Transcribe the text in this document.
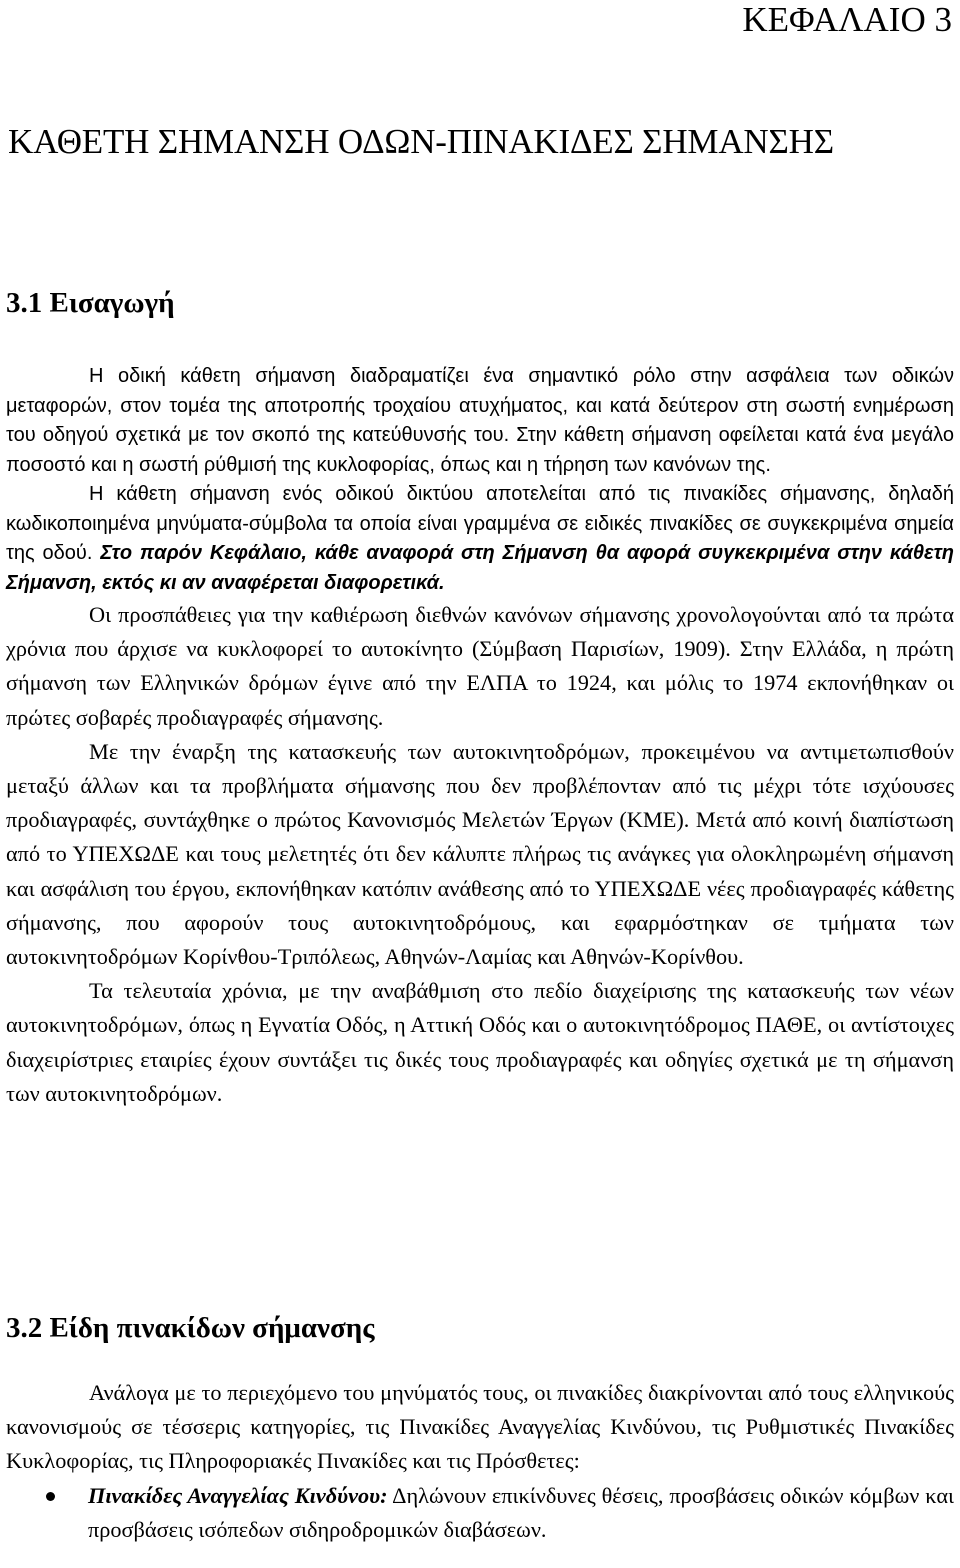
ΚΕΦΑΛΑΙΟ 3
ΚΑΘΕΤΗ ΣΗΜΑΝΣΗ ΟΔΩΝ-ΠΙΝΑΚΙΔΕΣ ΣΗΜΑΝΣΗΣ
3.1 Εισαγωγή

Η οδική κάθετη σήμανση διαδραματίζει ένα σημαντικό ρόλο στην ασφάλεια των οδικών μεταφορών, στον τομέα της αποτροπής τροχαίου ατυχήματος, και κατά δεύτερον στη σωστή ενημέρωση του οδηγού σχετικά με τον σκοπό της κατεύθυνσής του. Στην κάθετη σήμανση οφείλεται κατά ένα μεγάλο ποσοστό και η σωστή ρύθμισή της κυκλοφορίας, όπως και η τήρηση των κανόνων της.

Η κάθετη σήμανση ενός οδικού δικτύου αποτελείται από τις πινακίδες σήμανσης, δηλαδή κωδικοποιημένα μηνύματα-σύμβολα τα οποία είναι γραμμένα σε ειδικές πινακίδες σε συγκεκριμένα σημεία της οδού. Στο παρόν Κεφάλαιο, κάθε αναφορά στη Σήμανση θα αφορά συγκεκριμένα στην κάθετη Σήμανση, εκτός κι αν αναφέρεται διαφορετικά.

Οι προσπάθειες για την καθιέρωση διεθνών κανόνων σήμανσης χρονολογούνται από τα πρώτα χρόνια που άρχισε να κυκλοφορεί το αυτοκίνητο (Σύμβαση Παρισίων, 1909). Στην Ελλάδα, η πρώτη σήμανση των Ελληνικών δρόμων έγινε από την ΕΛΠΑ το 1924, και μόλις το 1974 εκπονήθηκαν οι πρώτες σοβαρές προδιαγραφές σήμανσης.

Με την έναρξη της κατασκευής των αυτοκινητοδρόμων, προκειμένου να αντιμετωπισθούν μεταξύ άλλων και τα προβλήματα σήμανσης που δεν προβλέπονταν από τις μέχρι τότε ισχύουσες προδιαγραφές, συντάχθηκε ο πρώτος Κανονισμός Μελετών Έργων (ΚΜΕ). Μετά από κοινή διαπίστωση από το ΥΠΕΧΩΔΕ και τους μελετητές ότι δεν κάλυπτε πλήρως τις ανάγκες για ολοκληρωμένη σήμανση και ασφάλιση του έργου, εκπονήθηκαν κατόπιν ανάθεσης από το ΥΠΕΧΩΔΕ νέες προδιαγραφές κάθετης σήμανσης, που αφορούν τους αυτοκινητοδρόμους, και εφαρμόστηκαν σε τμήματα των αυτοκινητοδρόμων Κορίνθου-Τριπόλεως, Αθηνών-Λαμίας και Αθηνών-Κορίνθου.

Τα τελευταία χρόνια, με την αναβάθμιση στο πεδίο διαχείρισης της κατασκευής των νέων αυτοκινητοδρόμων, όπως η Εγνατία Οδός, η Αττική Οδός και ο αυτοκινητόδρομος ΠΑΘΕ, οι αντίστοιχες διαχειρίστριες εταιρίες έχουν συντάξει τις δικές τους προδιαγραφές και οδηγίες σχετικά με τη σήμανση των αυτοκινητοδρόμων.

3.2 Είδη πινακίδων σήμανσης

Ανάλογα με το περιεχόμενο του μηνύματός τους, οι πινακίδες διακρίνονται από τους ελληνικούς κανονισμούς σε τέσσερις κατηγορίες, τις Πινακίδες Αναγγελίας Κινδύνου, τις Ρυθμιστικές Πινακίδες Κυκλοφορίας, τις Πληροφοριακές Πινακίδες και τις Πρόσθετες:

Πινακίδες Αναγγελίας Κινδύνου: Δηλώνουν επικίνδυνες θέσεις, προσβάσεις οδικών κόμβων και προσβάσεις ισόπεδων σιδηροδρομικών διαβάσεων.
